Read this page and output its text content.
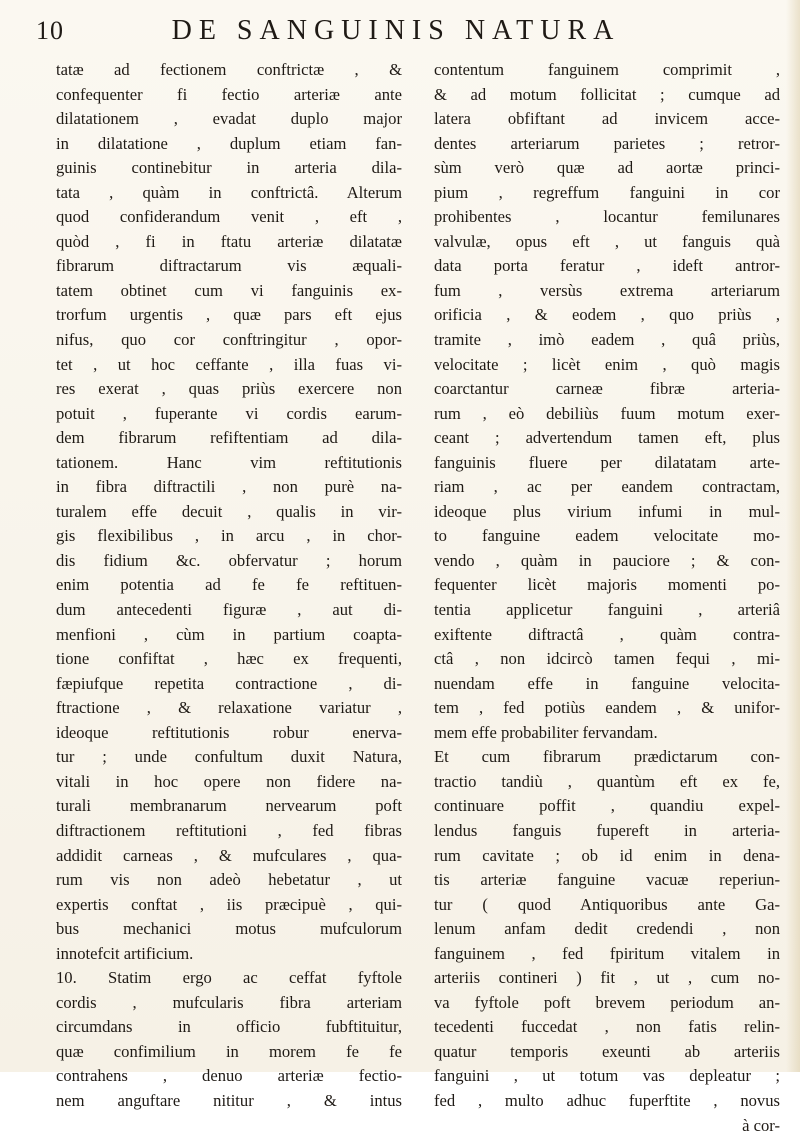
10	DE SANGUINIS NATURA
tatæ ad fectionem conftrictæ , &
confequenter fi fectio arteriæ ante
dilatationem , evadat duplo major
in dilatatione , duplum etiam fan-
guinis continebitur in arteria dila-
tata , quàm in conftrictâ. Alterum
quod confiderandum venit , eft ,
quòd , fi in ftatu arteriæ dilatatæ
fibrarum diftractarum vis æquali-
tatem obtinet cum vi fanguinis ex-
trorfum urgentis , quæ pars eft ejus
nifus, quo cor conftringitur , opor-
tet , ut hoc ceffante , illa fuas vi-
res exerat , quas priùs exercere non
potuit , fuperante vi cordis earum-
dem fibrarum refiftentiam ad dila-
tationem. Hanc vim reftitutionis
in fibra diftractili , non purè na-
turalem effe decuit , qualis in vir-
gis flexibilibus , in arcu , in chor-
dis fidium &c. obfervatur ; horum
enim potentia ad fe fe reftituen-
dum antecedenti figuræ , aut di-
menfioni , cùm in partium coapta-
tione confiftat , hæc ex frequenti,
fæpiufque repetita contractione , di-
ftractione , & relaxatione variatur ,
ideoque reftitutionis robur enerva-
tur ; unde confultum duxit Natura,
vitali in hoc opere non fidere na-
turali membranarum nervearum poft
diftractionem reftitutioni , fed fibras
addidit carneas , & mufculares , qua-
rum vis non adeò hebetatur , ut
expertis conftat , iis præcipuè , qui-
bus mechanici motus mufculorum
innotefcit artificium.
10. Statim ergo ac ceffat fyftole
cordis , mufcularis fibra arteriam
circumdans in officio fubftituitur,
quæ confimilium in morem fe fe
contrahens , denuo arteriæ fectio-
nem anguftare nititur , & intus
contentum fanguinem comprimit ,
& ad motum follicitat ; cumque ad
latera obfiftant ad invicem acce-
dentes arteriarum parietes ; retror-
sùm verò quæ ad aortæ princi-
pium , regreffum fanguini in cor
prohibentes , locantur femilunares
valvulæ, opus eft , ut fanguis quà
data porta feratur , ideft antror-
fum , versùs extrema arteriarum
orificia , & eodem , quo priùs ,
tramite , imò eadem , quâ priùs,
velocitate ; licèt enim , quò magis
coarctantur carneæ fibræ arteria-
rum , eò debiliùs fuum motum exer-
ceant ; advertendum tamen eft, plus
fanguinis fluere per dilatatam arte-
riam , ac per eandem contractam,
ideoque plus virium infumi in mul-
to fanguine eadem velocitate mo-
vendo , quàm in pauciore ; & con-
fequenter licèt majoris momenti po-
tentia applicetur fanguini , arteriâ
exiftente diftractâ , quàm contra-
ctâ , non idcircò tamen fequi , mi-
nuendam effe in fanguine velocita-
tem , fed potiùs eandem , & unifor-
mem effe probabiliter fervandam.
Et cum fibrarum prædictarum con-
tractio tandiù , quantùm eft ex fe,
continuare poffit , quandiu expel-
lendus fanguis fupereft in arteria-
rum cavitate ; ob id enim in dena-
tis arteriæ fanguine vacuæ reperiun-
tur ( quod Antiquoribus ante Ga-
lenum anfam dedit credendi , non
fanguinem , fed fpiritum vitalem in
arteriis contineri ) fit , ut , cum no-
va fyftole poft brevem periodum an-
tecedenti fuccedat , non fatis relin-
quatur temporis exeunti ab arteriis
fanguini , ut totum vas depleatur ;
fed , multo adhuc fuperftite , novus
à cor-
